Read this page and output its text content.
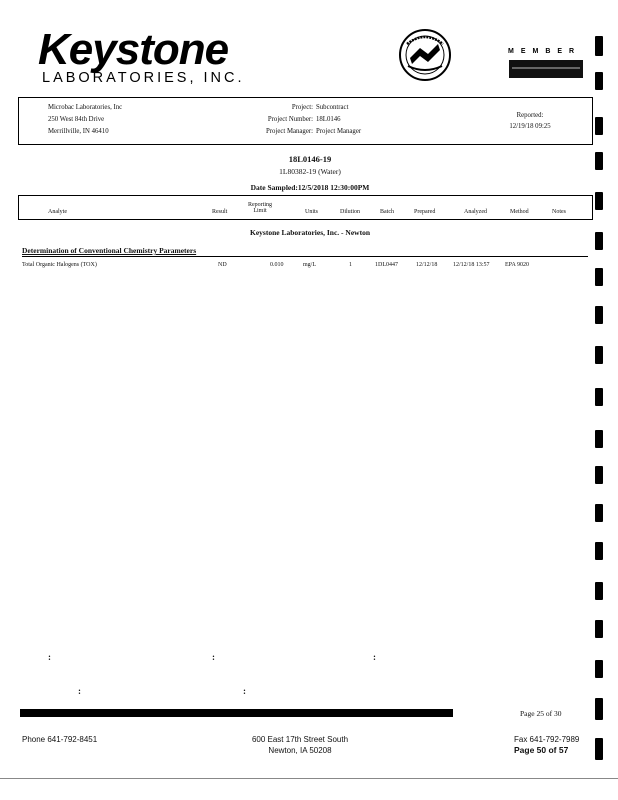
Keystone
LABORATORIES, INC.
MEMBER
Microbac Laboratories, Inc
250 West 84th Drive
Merrillville, IN 46410
Project: Subcontract
Project Number: 18L0146
Project Manager: Project Manager
Reported:
12/19/18 09:25
18L0146-19
1L80382-19 (Water)
Date Sampled:12/5/2018 12:30:00PM
Analyte	Result
Reporting
Limit	Units	Dilution	Batch	Prepared	Analyzed	Method	Notes
Keystone Laboratories, Inc. - Newton
Determination of Conventional Chemistry Parameters
Total Organic Halogens (TOX)	ND	0.010	mg/L	1	1DL0447	12/12/18	12/12/18 13:57	EPA 9020
:	:	:
:	:
Page 25 of 30
Phone 641-792-8451	600 East 17th Street South
Newton, IA 50208
Fax 641-792-7989
Page 50 of 57
